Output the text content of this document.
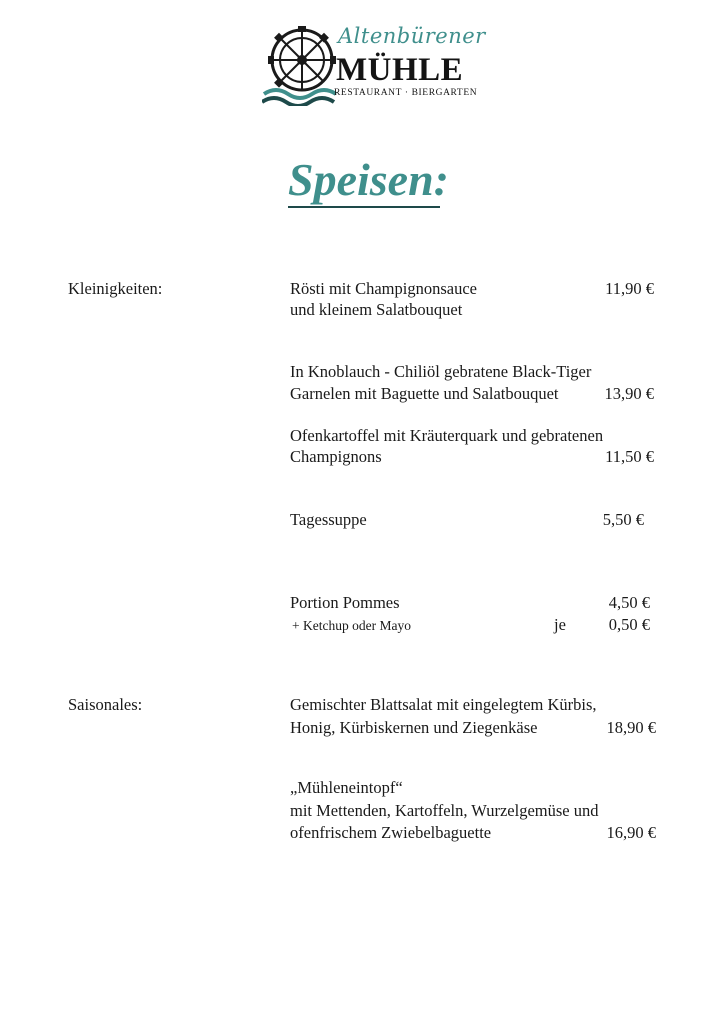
Altenbürener
MÜHLE
RESTAURANT · BIERGARTEN
Speisen:
Kleinigkeiten:
Saisonales:
Rösti mit Champignonsauce
und kleinem Salatbouquet
11,90 €
In Knoblauch - Chiliöl gebratene Black-Tiger
Garnelen mit Baguette und Salatbouquet	13,90 €
Ofenkartoffel mit Kräuterquark und gebratenen
Champignons	11,50 €
Tagessuppe	5,50 €
Portion Pommes	4,50 €
+ Ketchup oder Mayo	je	0,50 €
Gemischter Blattsalat mit eingelegtem Kürbis,
Honig, Kürbiskernen und Ziegenkäse	18,90 €
„Mühleneintopf“
mit Mettenden, Kartoffeln, Wurzelgemüse und
ofenfrischem Zwiebelbaguette	16,90 €
